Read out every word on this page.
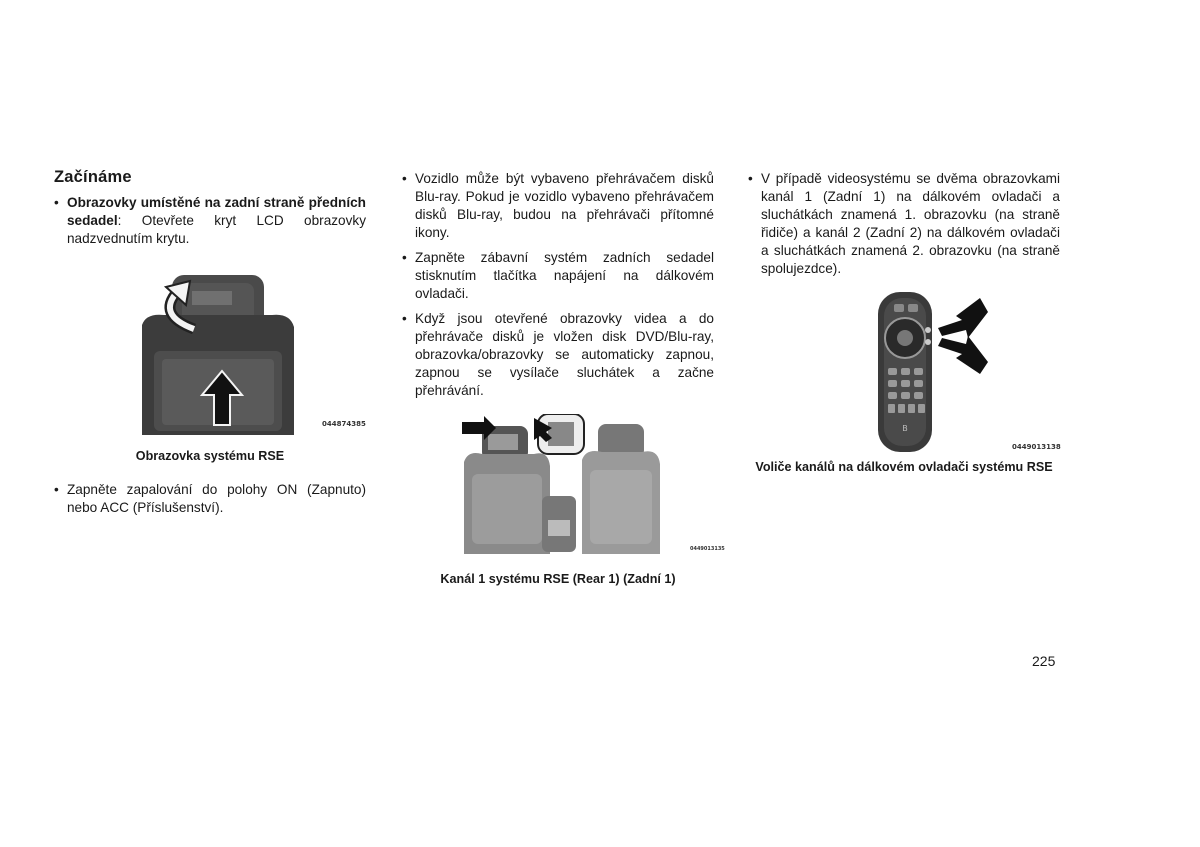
Začínáme
• Obrazovky umístěné na zadní straně předních sedadel: Otevřete kryt LCD obrazovky nadzvednutím krytu.
044874385
Obrazovka systému RSE
• Zapněte zapalování do polohy ON (Zapnuto) nebo ACC (Příslušenství).
• Vozidlo může být vybaveno přehrávačem disků Blu-ray. Pokud je vozidlo vybaveno přehrávačem disků Blu-ray, budou na přehrávači přítomné ikony.
• Zapněte zábavní systém zadních sedadel stisknutím tlačítka napájení na dálkovém ovladači.
• Když jsou otevřené obrazovky videa a do přehrávače disků je vložen disk DVD/Blu-ray, obrazovka/obrazovky se automaticky zapnou, zapnou se vysílače sluchátek a začne přehrávání.
0449013135
Kanál 1 systému RSE (Rear 1) (Zadní 1)
• V případě videosystému se dvěma obrazovkami kanál 1 (Zadní 1) na dálkovém ovladači a sluchátkách znamená 1. obrazovku (na straně řidiče) a kanál 2 (Zadní 2) na dálkovém ovladači a sluchátkách znamená 2. obrazovku (na straně spolujezdce).
B
0449013138
Voliče kanálů na dálkovém ovladači systému RSE
225
